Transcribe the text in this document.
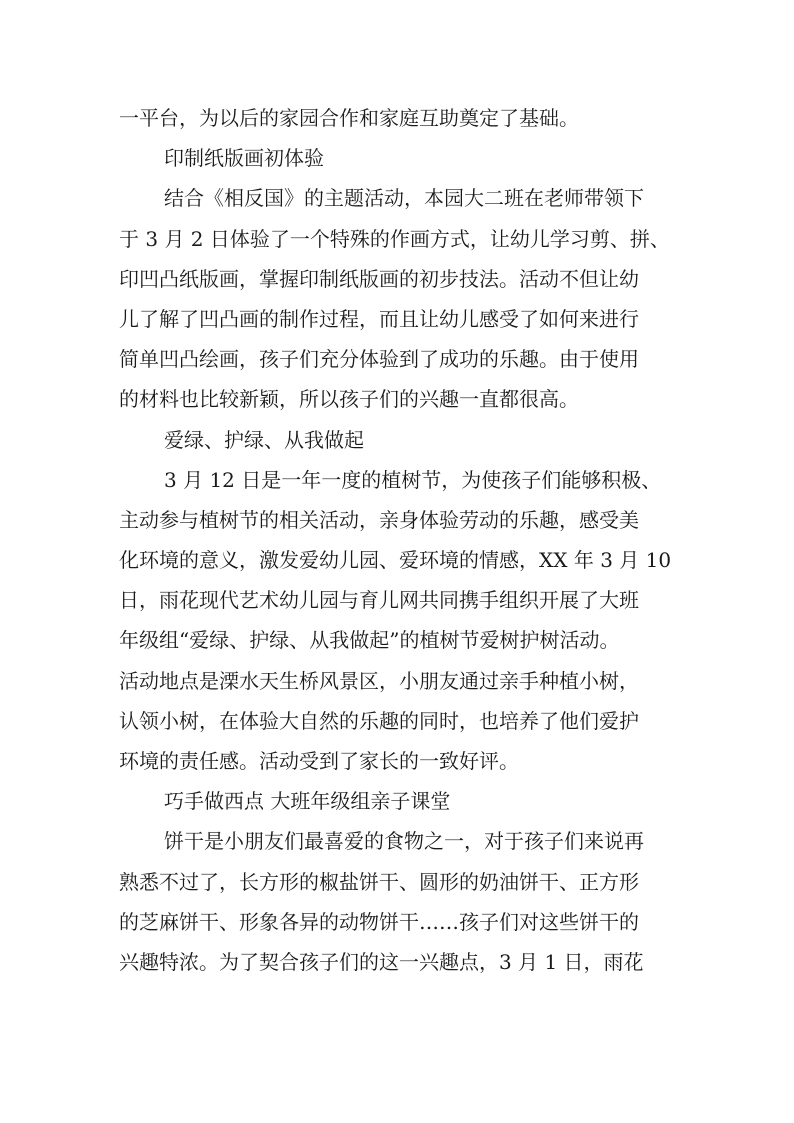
一平台，为以后的家园合作和家庭互助奠定了基础。
印制纸版画初体验
结合《相反国》的主题活动，本园大二班在老师带领下
于 3 月 2 日体验了一个特殊的作画方式，让幼儿学习剪、拼、
印凹凸纸版画，掌握印制纸版画的初步技法。活动不但让幼
儿了解了凹凸画的制作过程，而且让幼儿感受了如何来进行
简单凹凸绘画，孩子们充分体验到了成功的乐趣。由于使用
的材料也比较新颖，所以孩子们的兴趣一直都很高。
爱绿、护绿、从我做起
3 月 12 日是一年一度的植树节，为使孩子们能够积极、
主动参与植树节的相关活动，亲身体验劳动的乐趣，感受美
化环境的意义，激发爱幼儿园、爱环境的情感，XX 年 3 月 10
日，雨花现代艺术幼儿园与育儿网共同携手组织开展了大班
年级组“爱绿、护绿、从我做起”的植树节爱树护树活动。
活动地点是溧水天生桥风景区，小朋友通过亲手种植小树，
认领小树，在体验大自然的乐趣的同时，也培养了他们爱护
环境的责任感。活动受到了家长的一致好评。
巧手做西点 大班年级组亲子课堂
饼干是小朋友们最喜爱的食物之一，对于孩子们来说再
熟悉不过了，长方形的椒盐饼干、圆形的奶油饼干、正方形
的芝麻饼干、形象各异的动物饼干……孩子们对这些饼干的
兴趣特浓。为了契合孩子们的这一兴趣点，3 月 1 日，雨花
